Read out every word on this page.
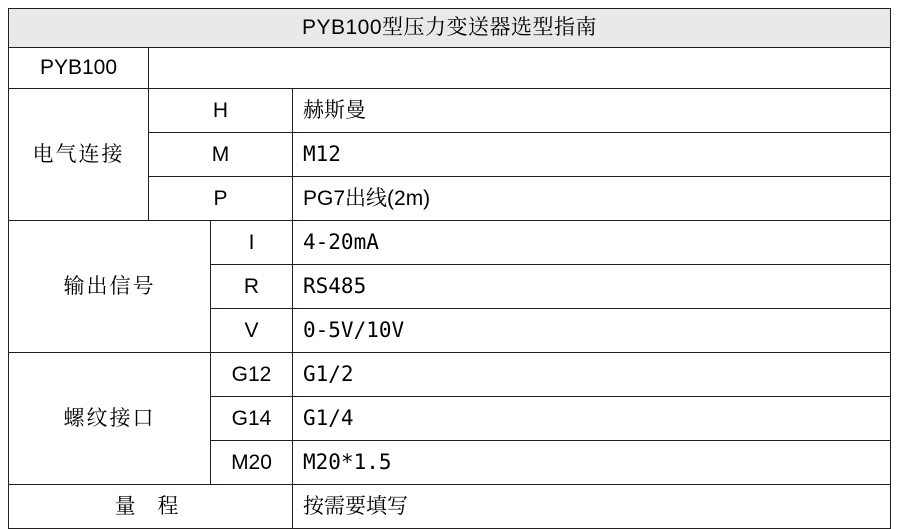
PYB100型压力变送器选型指南			
PYB100			
电气连接	H		赫斯曼
	M		M12
	P		PG7出线(2m)
输出信号		I	4-20mA
		R	RS485
		V	0-5V/10V
螺纹接口		G12	G1/2
		G14	G1/4
		M20	M20*1.5
量 程			按需要填写
